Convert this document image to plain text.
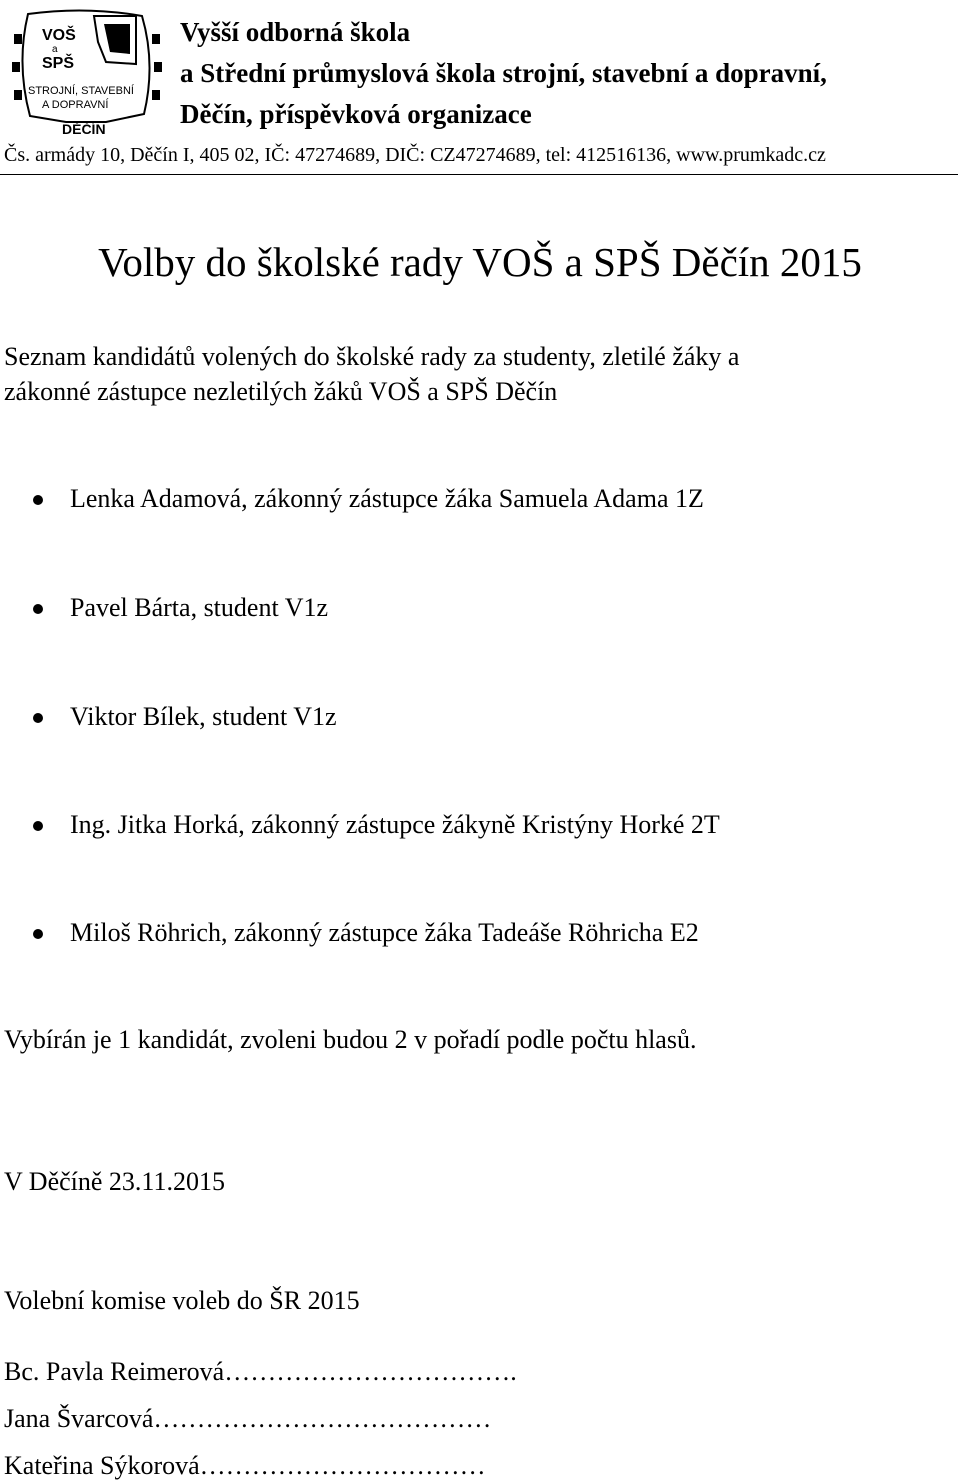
VOŠ
a
SPŠ
STROJNÍ, STAVEBNÍ
A DOPRAVNÍ
DĚČÍN
Vyšší odborná škola
a Střední průmyslová škola strojní, stavební a dopravní,
Děčín, příspěvková organizace
Čs. armády 10, Děčín I, 405 02, IČ: 47274689, DIČ: CZ47274689, tel: 412516136, www.prumkadc.cz
Volby do školské rady VOŠ a SPŠ Děčín 2015
Seznam kandidátů volených do školské rady za studenty, zletilé žáky a
zákonné zástupce nezletilých žáků VOŠ a SPŠ Děčín
Lenka Adamová, zákonný zástupce žáka Samuela Adama 1Z
Pavel Bárta, student V1z
Viktor Bílek, student V1z
Ing. Jitka Horká, zákonný zástupce žákyně Kristýny Horké 2T
Miloš Röhrich, zákonný zástupce žáka Tadeáše Röhricha E2
Vybírán je 1 kandidát, zvoleni budou 2 v pořadí podle počtu hlasů.
V Děčíně 23.11.2015
Volební komise voleb do ŠR 2015
Bc. Pavla Reimerová…………………………….
Jana Švarcová…………………………………
Kateřina Sýkorová……………………………
